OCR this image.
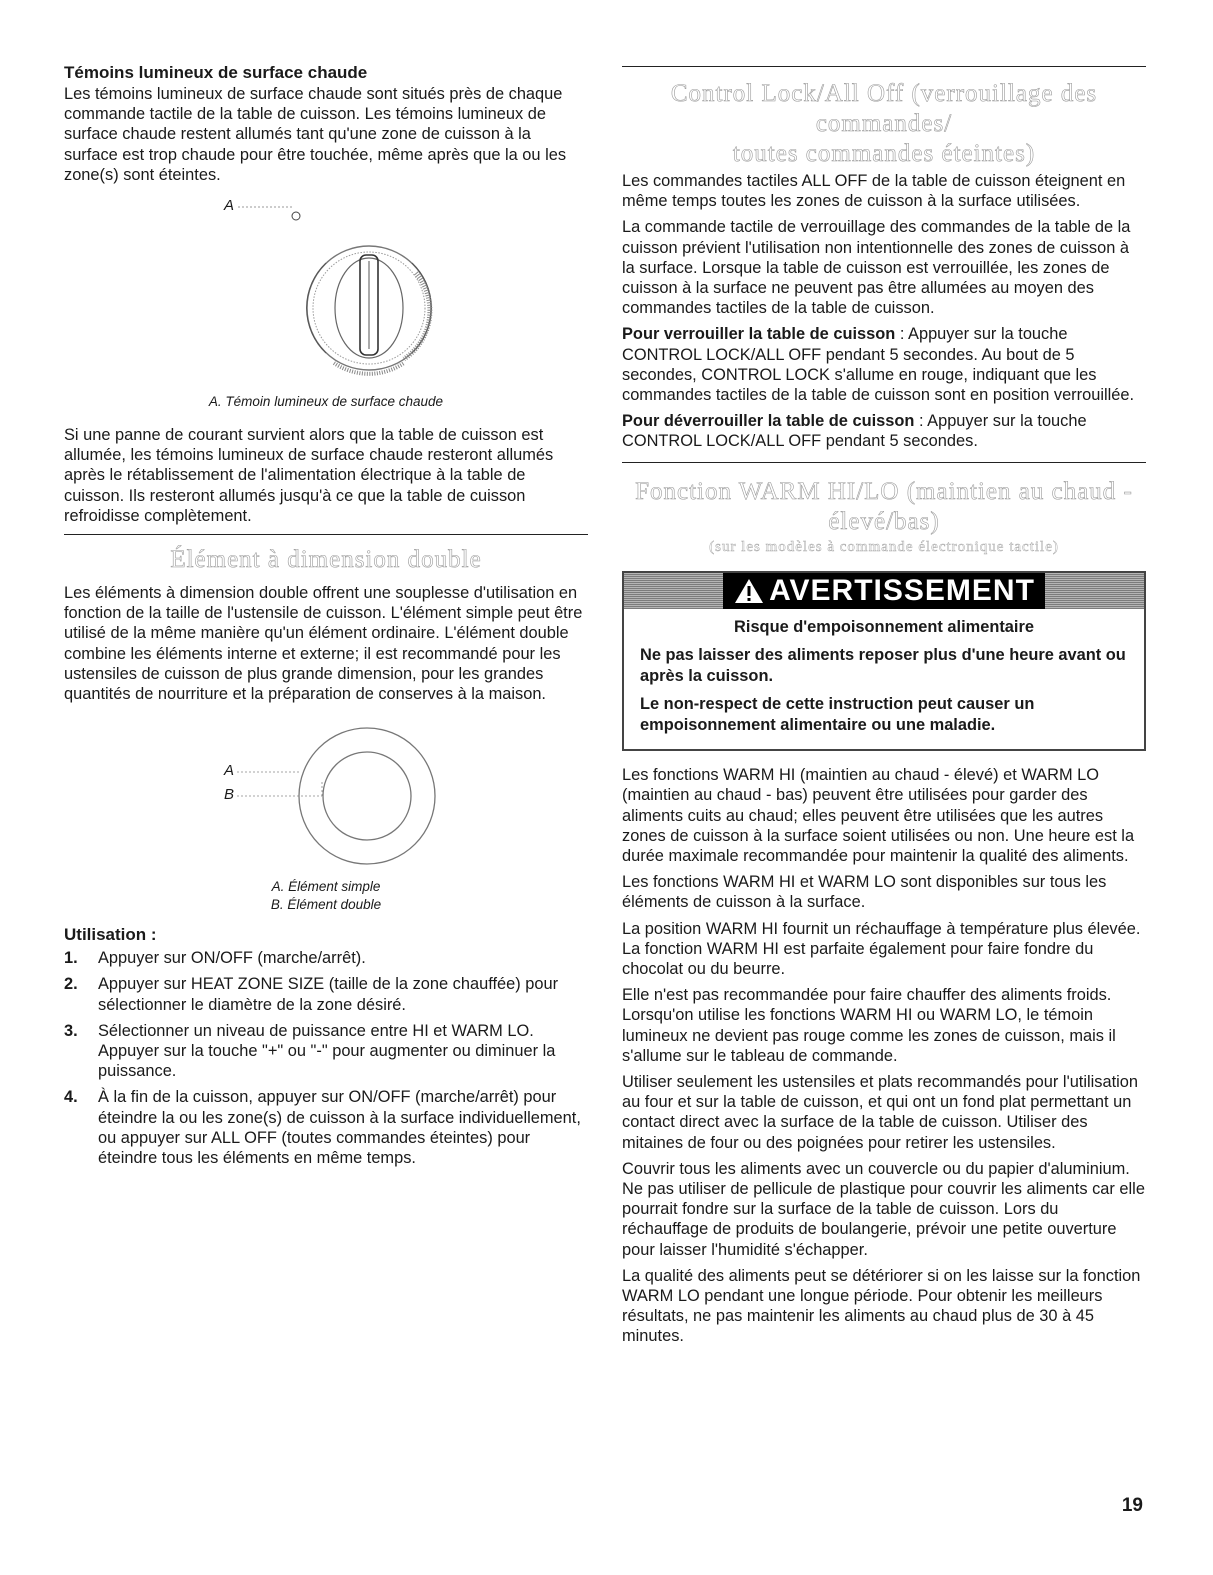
Témoins lumineux de surface chaude

Les témoins lumineux de surface chaude sont situés près de chaque commande tactile de la table de cuisson. Les témoins lumineux de surface chaude restent allumés tant qu'une zone de cuisson à la surface est trop chaude pour être touchée, même après que la ou les zone(s) sont éteintes.

A
A. Témoin lumineux de surface chaude

Si une panne de courant survient alors que la table de cuisson est allumée, les témoins lumineux de surface chaude resteront allumés après le rétablissement de l'alimentation électrique à la table de cuisson. Ils resteront allumés jusqu'à ce que la table de cuisson refroidisse complètement.

Élément à dimension double

Les éléments à dimension double offrent une souplesse d'utilisation en fonction de la taille de l'ustensile de cuisson. L'élément simple peut être utilisé de la même manière qu'un élément ordinaire. L'élément double combine les éléments interne et externe; il est recommandé pour les ustensiles de cuisson de plus grande dimension, pour les grandes quantités de nourriture et la préparation de conserves à la maison.

A
B
A. Élément simple
B. Élément double
Utilisation :
1. Appuyer sur ON/OFF (marche/arrêt).
2. Appuyer sur HEAT ZONE SIZE (taille de la zone chauffée) pour sélectionner le diamètre de la zone désiré.
3. Sélectionner un niveau de puissance entre HI et WARM LO. Appuyer sur la touche "+" ou "-" pour augmenter ou diminuer la puissance.
4. À la fin de la cuisson, appuyer sur ON/OFF (marche/arrêt) pour éteindre la ou les zone(s) de cuisson à la surface individuellement, ou appuyer sur ALL OFF (toutes commandes éteintes) pour éteindre tous les éléments en même temps.
Control Lock/All Off (verrouillage des commandes/
toutes commandes éteintes)

Les commandes tactiles ALL OFF de la table de cuisson éteignent en même temps toutes les zones de cuisson à la surface utilisées.

La commande tactile de verrouillage des commandes de la table de la cuisson prévient l'utilisation non intentionnelle des zones de cuisson à la surface. Lorsque la table de cuisson est verrouillée, les zones de cuisson à la surface ne peuvent pas être allumées au moyen des commandes tactiles de la table de cuisson.

Pour verrouiller la table de cuisson : Appuyer sur la touche CONTROL LOCK/ALL OFF pendant 5 secondes. Au bout de 5 secondes, CONTROL LOCK s'allume en rouge, indiquant que les commandes tactiles de la table de cuisson sont en position verrouillée.

Pour déverrouiller la table de cuisson : Appuyer sur la touche CONTROL LOCK/ALL OFF pendant 5 secondes.

Fonction WARM HI/LO (maintien au chaud - élevé/bas)
(sur les modèles à commande électronique tactile)
AVERTISSEMENT

Risque d'empoisonnement alimentaire

Ne pas laisser des aliments reposer plus d'une heure avant ou après la cuisson.

Le non-respect de cette instruction peut causer un empoisonnement alimentaire ou une maladie.

Les fonctions WARM HI (maintien au chaud - élevé) et WARM LO (maintien au chaud - bas) peuvent être utilisées pour garder des aliments cuits au chaud; elles peuvent être utilisées que les autres zones de cuisson à la surface soient utilisées ou non. Une heure est la durée maximale recommandée pour maintenir la qualité des aliments.

Les fonctions WARM HI et WARM LO sont disponibles sur tous les éléments de cuisson à la surface.

La position WARM HI fournit un réchauffage à température plus élevée. La fonction WARM HI est parfaite également pour faire fondre du chocolat ou du beurre.

Elle n'est pas recommandée pour faire chauffer des aliments froids. Lorsqu'on utilise les fonctions WARM HI ou WARM LO, le témoin lumineux ne devient pas rouge comme les zones de cuisson, mais il s'allume sur le tableau de commande.

Utiliser seulement les ustensiles et plats recommandés pour l'utilisation au four et sur la table de cuisson, et qui ont un fond plat permettant un contact direct avec la surface de la table de cuisson. Utiliser des mitaines de four ou des poignées pour retirer les ustensiles.

Couvrir tous les aliments avec un couvercle ou du papier d'aluminium. Ne pas utiliser de pellicule de plastique pour couvrir les aliments car elle pourrait fondre sur la surface de la table de cuisson. Lors du réchauffage de produits de boulangerie, prévoir une petite ouverture pour laisser l'humidité s'échapper.

La qualité des aliments peut se détériorer si on les laisse sur la fonction WARM LO pendant une longue période. Pour obtenir les meilleurs résultats, ne pas maintenir les aliments au chaud plus de 30 à 45 minutes.

19
